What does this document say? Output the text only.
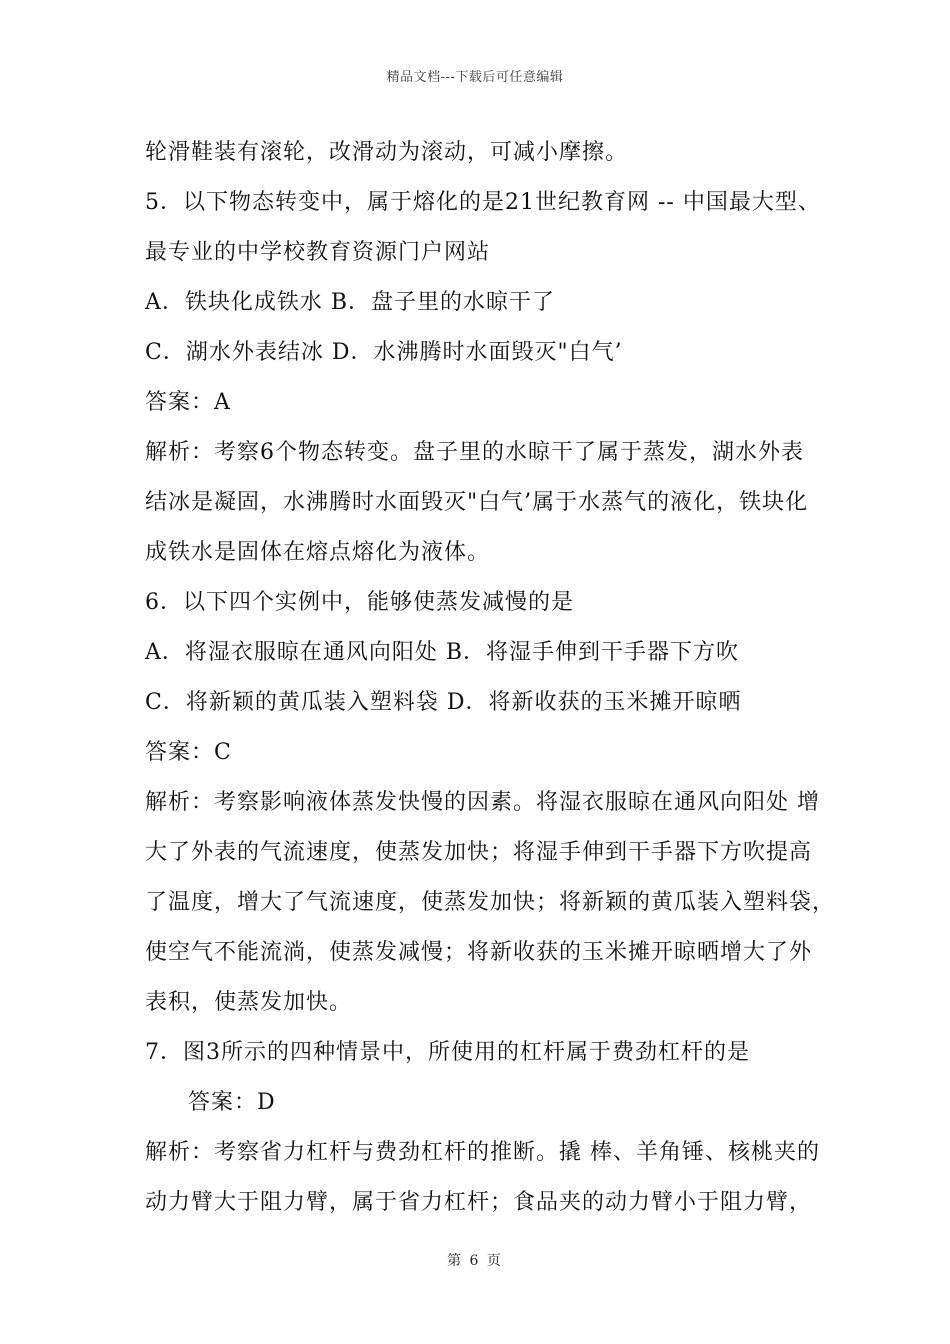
精品文档---下载后可任意编辑
轮滑鞋装有滚轮，改滑动为滚动，可减小摩擦。
5．以下物态转变中，属于熔化的是21世纪教育网 -- 中国最大型、
最专业的中学校教育资源门户网站
A．铁块化成铁水 B．盘子里的水晾干了
C．湖水外表结冰 D．水沸腾时水面毁灭"白气’
答案：A
解析：考察6个物态转变。盘子里的水晾干了属于蒸发，湖水外表
结冰是凝固，水沸腾时水面毁灭"白气’属于水蒸气的液化，铁块化
成铁水是固体在熔点熔化为液体。
6．以下四个实例中，能够使蒸发减慢的是
A．将湿衣服晾在通风向阳处 B．将湿手伸到干手器下方吹
C．将新颖的黄瓜装入塑料袋 D．将新收获的玉米摊开晾晒
答案：C
解析：考察影响液体蒸发快慢的因素。将湿衣服晾在通风向阳处 增
大了外表的气流速度，使蒸发加快；将湿手伸到干手器下方吹提高
了温度，增大了气流速度，使蒸发加快；将新颖的黄瓜装入塑料袋，
使空气不能流淌，使蒸发减慢；将新收获的玉米摊开晾晒增大了外
表积，使蒸发加快。
7．图3所示的四种情景中，所使用的杠杆属于费劲杠杆的是
答案：D
解析：考察省力杠杆与费劲杠杆的推断。撬 棒、羊角锤、核桃夹的
动力臂大于阻力臂，属于省力杠杆；食品夹的动力臂小于阻力臂，
第 6 页
